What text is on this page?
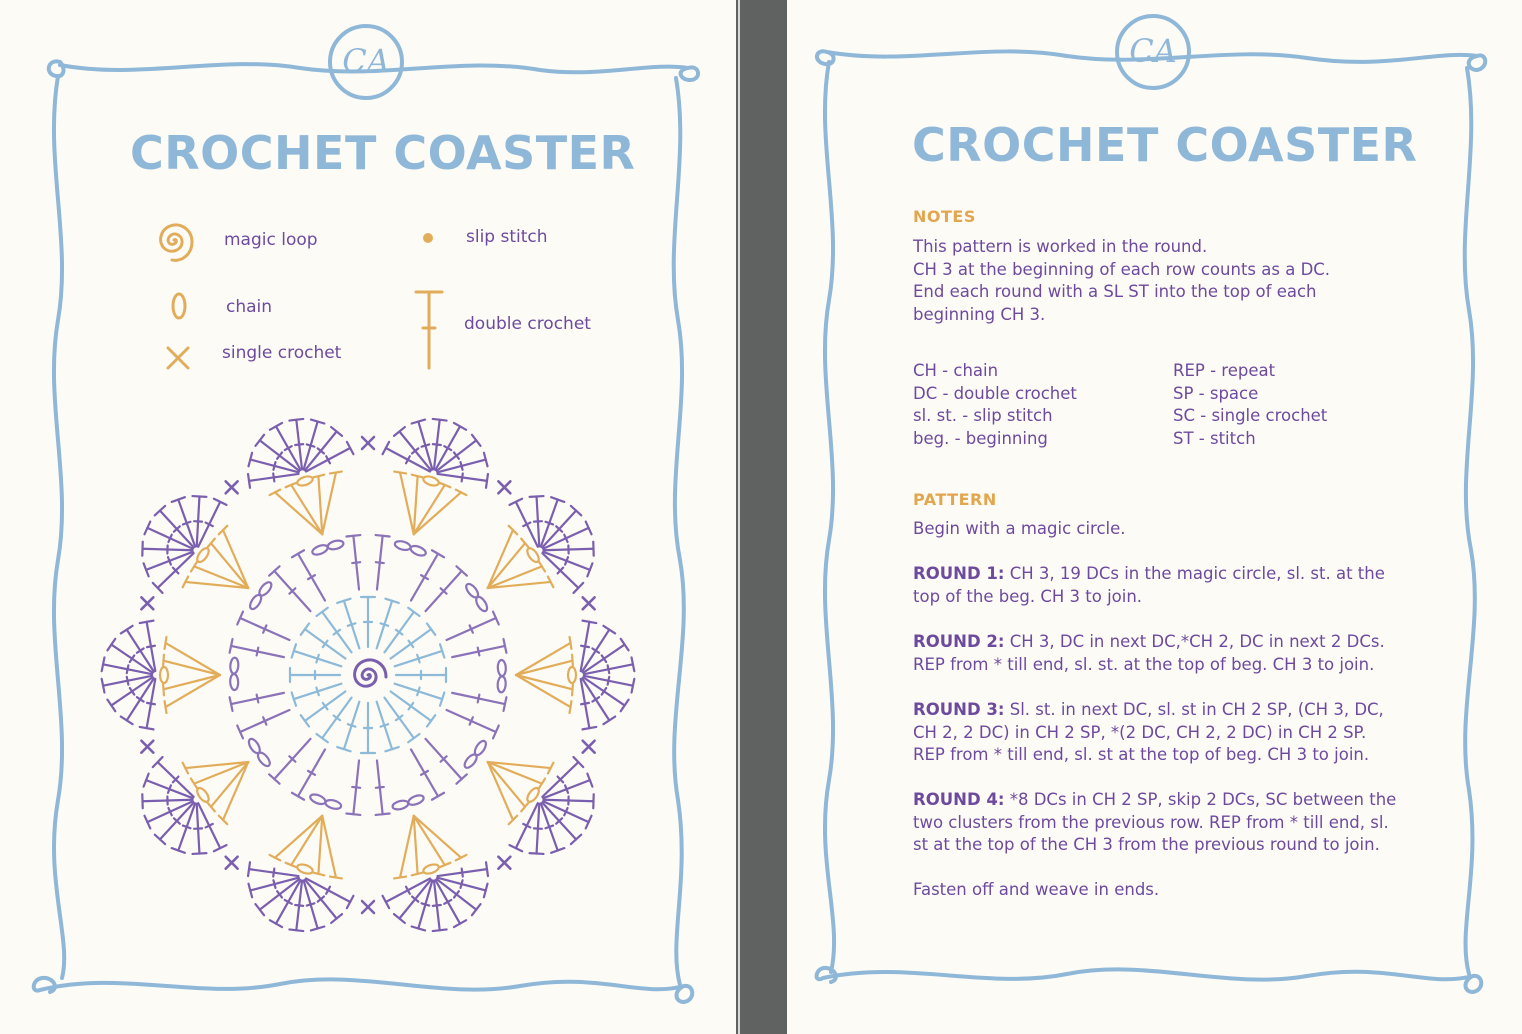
CA
CROCHET COASTER
magic loop
chain
single crochet
slip stitch
double crochet
CA
CROCHET COASTER
NOTES

This pattern is worked in the round.
CH 3 at the beginning of each row counts as a DC.
End each round with a SL ST into the top of each beginning CH 3.

CH - chain
DC - double crochet
sl. st. - slip stitch
beg. - beginning
REP - repeat
SP - space
SC - single crochet
ST - stitch
PATTERN

Begin with a magic circle.

ROUND 1: CH 3, 19 DCs in the magic circle, sl. st. at the top of the beg. CH 3 to join.

ROUND 2: CH 3, DC in next DC,*CH 2, DC in next 2 DCs. REP from * till end, sl. st. at the top of beg. CH 3 to join.

ROUND 3: Sl. st. in next DC, sl. st in CH 2 SP, (CH 3, DC, CH 2, 2 DC) in CH 2 SP, *(2 DC, CH 2, 2 DC) in CH 2 SP. REP from * till end, sl. st at the top of beg. CH 3 to join.

ROUND 4: *8 DCs in CH 2 SP, skip 2 DCs, SC between the two clusters from the previous row. REP from * till end, sl. st at the top of the CH 3 from the previous round to join.

Fasten off and weave in ends.
